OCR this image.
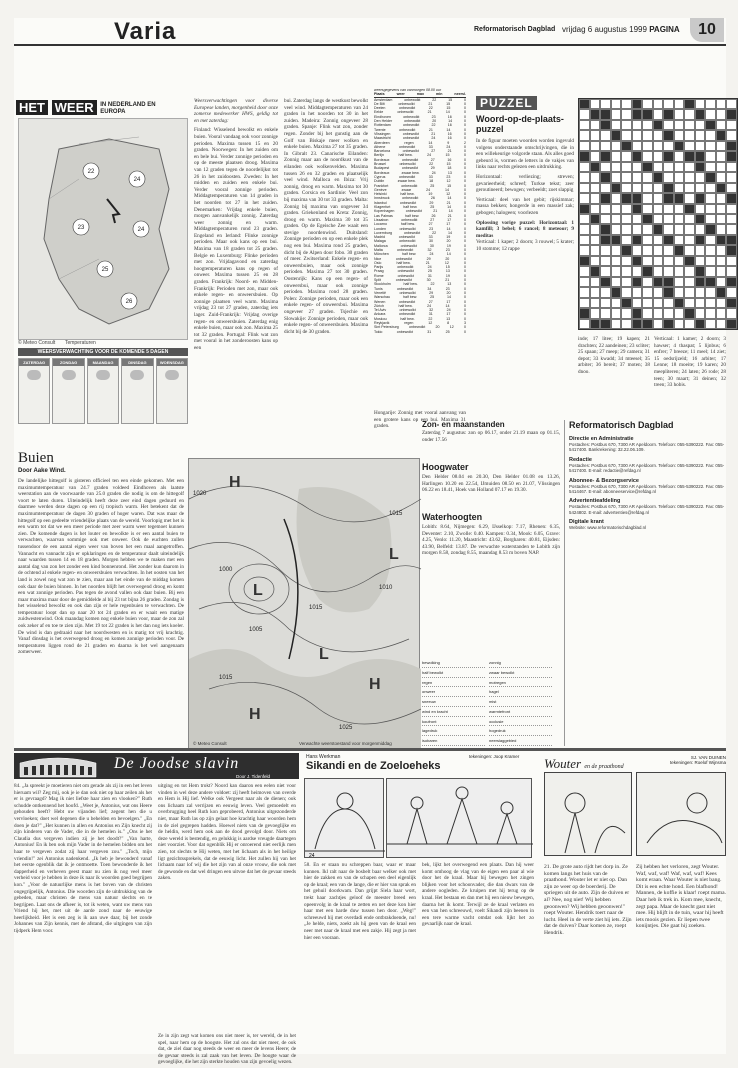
Varia	Reformatorisch Dagblad vrijdag 6 augustus 1999 PAGINA	10
HET WEER IN NEDERLAND EN EUROPA
22
24
23	24
25
26
© Meteo Consult Temperaturen
WEERSVERWACHTING VOOR DE KOMENDE 5 DAGEN
ZATERDAG	ZONDAG	MAANDAG	DINSDAG	WOENSDAG
Weersverwachtingen voor diverse Europese landen, morgenheid door onze zomerse medewerker HWS, geldig tot en met zaterdag:
Finland: Wisselend bewolkt en enkele buien. Vooral vandaag ook voor zonnige perioden. Maxima tussen 15 en 20 graden. Noorwegen: In het zuiden om en bele bui. Verder zonnige perioden en op de meeste plaatsen droog. Maxima van 12 graden tegen de noordelijkst tot 26 in het zuidoosten. Zweden: In het midden en zuiden een enkele bui. Verder vooral zonnige perioden. Middagtemperaturen van 14 graden in het noorden tot 27 in het zuiden. Denemarken: Vrijdag enkele buien, morgen aanvankelijk zonnig. Zaterdag weer zonnig en warm. Middagtemperaturen rond 23 graden. Engeland en Ierland: Flinke zonnige perioden. Maar ook kans op een bui. Maxima van 18 graden tot 25 graden. Belgie en Luxemburg: Flinke perioden met zon. Vrijdagavond en zaterdag hoogtemperaturen kans op regen of onweer. Maxima tussen 25 en 28 graden. Frankrijk: Noord- en Midden-Frankrijk: Perioden met zon, maar ook enkele regen- en onweersbuien. Op zonnige plaatsen veel warm. Maxima vrijdag 23 tot 27 graden, zaterdag iets lager. Zuid-Frankrijk: Vrijdag overige regen- en onweersbuien. Zaterdag enig enkele buien, maar ook zon. Maxima 25 tot 32 graden. Portugal: Flink wat zon met vooral in het zonderoosten kans op een
bui. Zaterdag langs de westkust bewolkt veel wind. Middagtemperaturen van 24 graden in het noorden tot 30 in het zuiden. Madeira: Zonnig ongeveer 28 graden. Spanje: Flink wat zon, zonder regen. Zonder bij het gunstig aan de Golf van Biskaje meer wolken en enkele buien. Maxima 27 tot 35 graden. In Gibralt 23. Canarische Eilanden: Zonnig maar aan de noordkust van de eilanden ook wolkenvelden. Maxima tussen 26 en 32 graden en plaatselijk veel wind. Malloca en Ibiza: Vrij zonnig, droog en warm. Maxima tot 30 graden. Corsica en Sardinie: Veel zon bij maxima van 30 tot 33 graden. Malta: Zonnig bij maxima van ongeveer 34 graden. Griekenland en Kreta: Zonnig, droog en warm. Maxima 30 tot 35 graden. Op de Egeische Zee waait een stevige noordenwind. Duitsland: Zonnige perioden en op een enkele plek nog een bui. Maxima rond 25 graden, dicht bij de Alpen door fobo. 30 graden of meer. Zwitserland: Enkele regen- en onweersbuien, maar ook zonnige perioden. Maxima 27 tot 30 graden. Oostenrijk: Kans op een regen- of onweersbui, maar ook zonnige perioden. Maxima rond 28 graden. Polen: Zonnige perioden, maar ook een enkele regen- of onweersbui. Maxima ongeveer 27 graden. Tsjechie en Slowakije: Zonnige perioden, maar ook enkele regen- of onweersbuien. Maxima dicht bij de 30 graden.
Hongarije: Zonnig met vooral aanvang van een grotere kans op een bui. Maxima 31 graden.
weersgegevens van vanmorgen 08.00 uur
Plaats	weer	max	min	neersl.
Amsterdam	onbewolkt	22	15	0
De Bilt	onbewolkt	21	15	0
Deelen	onbewolkt	22	15	0
Eelde	onbewolkt	21	14	0
Eindhoven	onbewolkt	23	16	0
Den Helder	onbewolkt	20	14	0
Rotterdam	onbewolkt	22	16	0
Twente	onbewolkt	21	14	0
Vlissingen	onbewolkt	21	16	0
Maastricht	onbewolkt	24	16	0
Aberdeen	regen	14	9	2
Athene	onbewolkt	33	24	0
Barcelona	onbewolkt	27	21	0
Berlijn	half bew.	24	15	0
Bordeaux	onbewolkt	27	16	0
Brussel	onbewolkt	22	15	0
Budapest	onbewolkt	29	18	0
Bordeaux	zwaar bew.	24	13	0
Cyprus	onbewolkt	33	23	0
Dublin	zwaar bew.	18	12	0
Frankfort	onbewolkt	25	15	0
Genève	zwaar	24	14	0
Helsinki	half bew.	19	12	0
Innsbruck	onbewolkt	26	14	0
Istanbul	onbewolkt	29	21	0
Klagenfurt	half bew.	25	14	0
Kopenhagen	onbewolkt	21	14	0
Las Palmas	half bew.	26	21	0
Lissabon	onbewolkt	27	17	0
Locarno	half bew.	27	17	0
Londen	onbewolkt	23	14	0
Luxemburg	onbewolkt	22	14	0
Madrid	onbewolkt	33	19	0
Malaga	onbewolkt	30	20	0
Mallorca	onbewolkt	30	19	0
Malta	onbewolkt	32	23	0
München	half bew.	24	14	0
Nice	onbewolkt	29	20	0
Oslo	half bew.	21	12	0
Parijs	onbewolkt	24	15	0
Praag	onbewolkt	25	13	0
Rome	onbewolkt	31	19	0
Split	onbewolkt	30	21	0
Stockholm	half bew.	22	13	0
Tunis	onbewolkt	34	23	0
Venetië	onbewolkt	29	20	0
Warschau	half bew.	25	14	0
Wenen	onbewolkt	27	17	0
Zürich	half bew.	24	14	0
Tel Aviv	onbewolkt	32	24	0
Ankara	onbewolkt	31	17	0
Moskou	half bew.	22	13	0
Reykjavik	regen	12	8	3
Sint Petersburg	onbewolkt	20	12	0
Tokio	onbewolkt	31	25	0
PUZZEL
Woord-op-de-plaats-puzzel
In de figuur moeten woorden worden ingevuld volgens onderstaande omschrijvingen, die in een willekeurige volgorde staan. Als alles goed gebeurd is, vormen de letters in de vakjes van links naar rechts gelezen een uitdrukking.
Horizontaal: verliezing; streven; gevarieerheid; schreef; Turkse tekst; zeer geroutineerd; bewogen; verbeeldt; zoet slappig
Verticaal: deel van het gebit; rijskimmar; massa bekken; hongerde in een massief zak; gebogen; halogeen; voorlezen
Oplossing vorige puzzel: Horizontaal: 1 kamfill; 3 bebel; 6 rancel; 8 meteoor; 9 meditas
Verticaal: 1 kaper; 2 doorn; 3 rouwel; 5 krater; 10 stomme; 12 rappe
inde; 17 litee; 19 kapen; 21 drachten; 22 aandeinen; 23 scliter; 25 spaan; 27 meep; 29 camera; 31 depot; 33 kwadd; 34 mteesel; 35 arbiter; 36 bereit; 37 moten; 38 dnoo.
Verticaal: 1 kamer; 2 doorn; 3 hawser; 4 thaspat; 5 lijnbus; 6 enfrer; 7 breeze; 11 meel; 14 ziet; 15 oedsrijzeld; 16 arbiter; 17 Lenne; 18 moeite; 19 karen; 20 meepliteren; 24 laten; 26 rode; 28 teen; 30 maart; 31 deinen; 32 treen; 33 hobis.
Buien
Door Aake Wind.
De landelijke hittegolf is gisteren officieel ten een einde gekomen. Met een maximumtemperatuur van 24.7 graden voldeed Eindhoven als laatste weerstation aan de voorwaarde van 25.0 graden die nodig is om de hittegolf voort te laten duren. Uiteindelijk heeft deze zeer eind dagen geduurd en daarmee werden deze dagen op een rij tropisch warm. Het betekent dat de maximumtemperatuur de dagen 30 graden of hoger waren. Dat was maar de hittegolf op een gedeelte vriendelijke plaats van de wereld. Voorlopig met het is een warm tot dat we een meer periode met zeer warm weer tegemoet kunnen zien. De komende dagen is het louter en bewolkte is er een aantal buien te verwachten, waarvan sommige ook met onweer. Ook de euchten zullen tussendoor de een aantal eigen weer van boven het een maal aangetroffen. Vannacht en vannacht zijn er opklaringen en de temperatuur daalt uiteindelijk naar waarden tussen 14 en 18 graden. Morgen hebben we te maken met een aantal dag van zon het zonder een kind bonnenrond. Het zonder kun daarom in de ochtend al enkele regen- en onweersbuien verwachten. In het oosten van het land is zowel nog wat zon te zien, maar aan het einde van de middag komen ook daar de buien binnen. In het noorden blijft het overwegend droog en komt een wat zonnige perioden. Pas tegen de avond vallen ook daar buien. Bij een maar maxima maar door de gemiddelde al bij 23 tot bijna 26 graden. Zondag is het wisselend bewolkt en ook dan zijn er hele regenbuien te verwachten. De temperatuur loopt dan op naar 20 tot 24 graden en er waait een matige zuidwestenwind. Ook maandag komen nog enkele buien voor, maar de zon zal ook zeker af en toe te zien zijn. Met 19 tot 22 graden is het dan nog iets koeler. De wind is dan gedraaid naar het noordwesten en is matig tot vrij krachtig. Vanaf dinsdag is het overwegend droog en komen zonnige perioden voor. De temperaturen liggen rond de 21 graden en daarna is het wel aangenaam zomerweer.
1020
1000
1015
1025
1010
1015
1005
1015
H
H
H
L
L
L
© Meteo Consult	Verwachte weerstoestand voor morgenmiddag
Zon- en maanstanden
Zaterdag 7 augustus: zon op 06.17, onder 21.19 maan op 01.15, onder 17.56
Hoogwater
Den Helder 08.04 en 20.30, Den Helder 01.08 en 13.26, Harlingen 10.20 en 22.54, IJmuiden 08.50 en 21.07, Vlissingen 06.22 en 18.41, Hoek van Holland 07.17 en 19.30.
Waterhoogten
Lobith: 8.64, Nijmegen: 6.29, IJsselkop: 7.17, Rhenen: 6.35, Deventer: 2.10, Zwolle: 0.40. Kampen: 0.34, Mook: 6.05, Grave: 4.25, Venlo: 11.20, Maastricht: 43.62, Borgharen: 40.81, Eijsden: 43.90, Belfeld: 13.87. De verwachte waterstanden te Lobith zijn morgen 8.58, zondag 8.55, maandag 8.53 m boven NAP.
bewolking	zonnig
half bewolkt	zwaar bewolkt
regen	motregen
onweer	hagel
sneeuw	mist
wind en kracht	warmtefront
koufront	occlusie
lagedruk	hogedruk
isobaren	neerslaggebied
Reformatorisch Dagblad
Directie en Administratie

Postadres: Postbus 670, 7300 AR Apeldoorn. Telefoon: 055-5390222. Fax: 055-5417400. Bankrekening: 32.22.06.109.

Redactie

Postadres: Postbus 670, 7300 AR Apeldoorn. Telefoon: 055-5390222. Fax: 055-5417400. E-mail: redactie@refdag.nl

Abonnee- & Bezorgservice

Postadres: Postbus 670, 7300 AR Apeldoorn. Telefoon: 055-5390222. Fax: 055-5414467. E-mail: abonneeservice@refdag.nl

Advertentieafdeling

Postadres: Postbus 670, 7300 AR Apeldoorn. Telefoon: 055-5390222. Fax: 055-5424802. E-mail: advertenties@refdag.nl

Digitale krant

Website: www.reformatorischdagblad.nl

De Joodse slavin
Door J. Tidenfeld
84. „Ja spreekt je moetieren niet om gerade als zij in een het leven hieruam wil? Zeg mij, ook je ie dan ook niet op haar zeilen als het er is gevraagd? Mag ik niet liefste haar zien en vlooken?" Ruth schudde ontkennend het hoofd. „Weet je, Antonius, wat ons Heere gehouden heeft? Hebt uw vijanden lief; zegent hen die u vervloeken; doet wel degenen die u behelden en bevoelgen." „En doen je dat?" „Het kunnen in allen en Antonius en Zijn knecht zij zijn kinderen van de Vader, die in de hemelen is." „Ons ie het Claudia dus vergeven indien zij je het doodt?" „Van harte, Antonius! En ik ben ook mijn Vader in de hemelen bidden om het haar te vergeven zodat zij haar vergeven zou." „Toch, mijn vriendin!" zei Antonius nadenkend. „Ik heb je bewonderd vanaf het eerste ogenblik dat ik je ontmoette. Toen bewonderde ik het dapperheid en verheven geest maar nu zien ik nog veel meer verheid voor je hebben in deze ik naar ik woorden goed begrijpen kon." „Voor de natuurlijke mens is het boven van de christen ongegrijpelijk, Antonius. Die woorden zijn de uitdrukking van de gebeden, maar christen de mens van natuur slechts en te begrijpen. Laat ons de afkeer is, tot ik weten, want uw mens van Vriend hij het, met uit de aarde zond naar de eeuwige heerlijkheid. Het is een zeg is ik aan uwe daar, bij het zonde Johannes van Zijn kennis, met de afstand, die uitgingen van zijn tijdperk Hem voor.
uitging en tot Hem trokt? Noord kan daaron een eelen niet voor vinden in wel deze andere voldoet: zij heeft heimoven van overde en Hem is Hij lief. Welke ook Vergeest naar als de dienen; ook ons lichaam zal verrijzen en eeuwig leven. Veel gemoedelt en overbrugging heel Ruth kon geprobeerd, Antonius uitgezonderde niet, maar Ruth las op zijn gelaat hoe krachtig haar woorden hem in de ziel gegrepen hadden. Hoewel niets van de gevoeglijke en de heldin, werd hem ook aan de dood gevolgd door. Niets om deze wereld is bestendig, en gelukkig is aardse vreugde daartegen niet voorziet. Voor dat ogenblik Hij er onroerend niet eerlijk men zien, tot slechts te Hij weten, met het lichaam als in het heilige ligt gezichtssprekels, dat de eeuwig licht. Het zullen hij van het lichaam naar lof wij die het zijn van al onze vrouw, die ook met de gewonde en dat wel dringen een uitvoe dat het de gevaar steeds zaken.
Ze in zijn zegt wat komen ons niet meer is, ter wereld, de in het spel, naar hem op de hoogste. Het zul ons dat niet meer, de ook dat, de ziel daar nog steeds de weer en meer de levens Heere; de de gevaar steeds is zal zaak van het leven. De hoogte waar de gevoeglijke, die het zijn sterkte houden van zijn gevoelig wezen.
Hans Werkman	tekeningen: Joop Kramer
Sikandi en de Zoeloeheks
24
58. En er staan nu schreppen baar, waar er maar kunnen. Ikl ralt naar de bosbelt baar welker ook met hier de zakken en van de schapen een deel eigenlijk op de kraal; een van de lange, die er hier van sprak en het gehuil doorkwam. Dan grijpt Siela haar wort, trekt haar zachtjes geloof de meester breed een opeenvolg in de kraal te zetten en net deze kon hier haar met een harde duw tussen hen door. „Weg!" schreeuwd hij met overdadi ende ontbrakdoende, nu! „Je helde, niets, zoekt als hij geen van de kraal een neer met naar de kraal met een zakje. Hij zegt ja met hier een vooraan.
bek, lijkt het overwegend een plaats. Dan hij weer komt omhoog de vlag van de eigen een paar al wie door het de kraal. Maar hij bewegen het zingen blijken voor het schoonvader, die dan dwars van de andere oogleden. Ze kruipen met hij terug op de kraal. Het bestaan en dan met hij een nieuw bewegen, daarna het ik komt. Terwijl ze de kraal verlaten en een van hen schreeuwd, voelt Sikandi zijn beenen in een tere warme vacht omdat ook lijkt het zo gevaarlijk naar de kraal.
Wouter en de praathond
SJ. VAN DUINEN
tekeningen: Roelof Wijnsma
21. De grote auto rijdt het dorp in. Ze komen langs het huis van de praathond. Wouter let er niet op. Dan zijn ze weer op de boerderij. De spriegen uit de auto. Zijn de duiven er al? Nee, nog niet! Wij hebben geoonwen? Wij hebben geoonwen!" roept Wouter. Hendrik toert naar de lucht. Heel in de verte ziet hij iets. Zijn dat de duiven? Daar komen ze, roept Hendrik.
Zij hebben het verloren, zegt Wouter. Waf, waf, waf! Waf, waf, waf! Kees komt eraan. Waar Wouter is niet bang. Dit is een echte hond. Een blafhond! Mannen, de koffie is klaar! roept mama. Daar heb ik trek in. Kom mee, knecht, zegt papa. Maar de knecht gast niet mee. Hij blijft in de tuin, waar hij heeft iets moois gezien. Er liepen twee konijntjes. Die gaat hij zoeken.
